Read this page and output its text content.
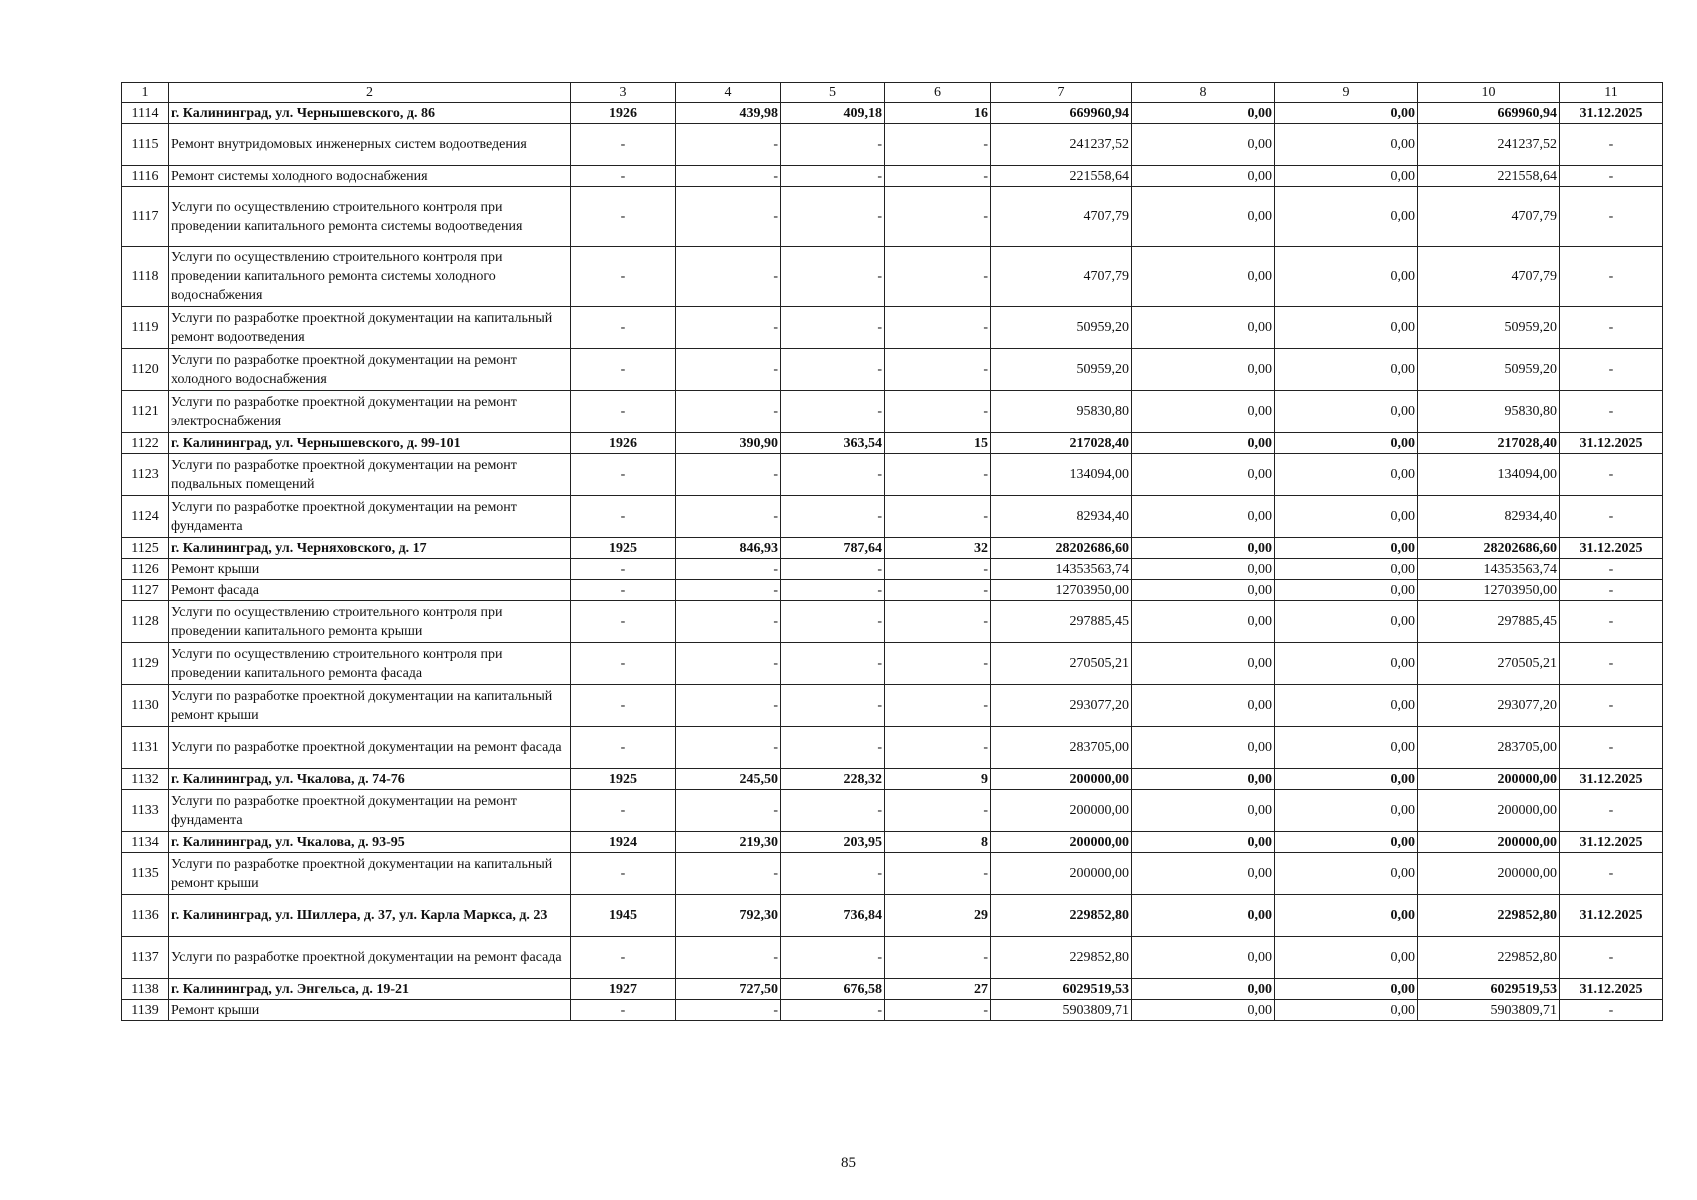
1	2	3	4	5	6	7	8	9	10	11
1114	г. Калининград, ул. Чернышевского, д. 86	1926	439,98	409,18	16	669960,94	0,00	0,00	669960,94	31.12.2025
1115	Ремонт внутридомовых инженерных систем водоотведения	-	-	-	-	241237,52	0,00	0,00	241237,52	-
1116	Ремонт системы холодного водоснабжения	-	-	-	-	221558,64	0,00	0,00	221558,64	-
1117	Услуги по осуществлению строительного контроля при проведении капитального ремонта системы водоотведения	-	-	-	-	4707,79	0,00	0,00	4707,79	-
1118	Услуги по осуществлению строительного контроля при проведении капитального ремонта системы холодного водоснабжения	-	-	-	-	4707,79	0,00	0,00	4707,79	-
1119	Услуги по разработке проектной документации на капитальный ремонт водоотведения	-	-	-	-	50959,20	0,00	0,00	50959,20	-
1120	Услуги по разработке проектной документации на ремонт холодного водоснабжения	-	-	-	-	50959,20	0,00	0,00	50959,20	-
1121	Услуги по разработке проектной документации на ремонт электроснабжения	-	-	-	-	95830,80	0,00	0,00	95830,80	-
1122	г. Калининград, ул. Чернышевского, д. 99-101	1926	390,90	363,54	15	217028,40	0,00	0,00	217028,40	31.12.2025
1123	Услуги по разработке проектной документации на ремонт подвальных помещений	-	-	-	-	134094,00	0,00	0,00	134094,00	-
1124	Услуги по разработке проектной документации на ремонт фундамента	-	-	-	-	82934,40	0,00	0,00	82934,40	-
1125	г. Калининград, ул. Черняховского, д. 17	1925	846,93	787,64	32	28202686,60	0,00	0,00	28202686,60	31.12.2025
1126	Ремонт крыши	-	-	-	-	14353563,74	0,00	0,00	14353563,74	-
1127	Ремонт фасада	-	-	-	-	12703950,00	0,00	0,00	12703950,00	-
1128	Услуги по осуществлению строительного контроля при проведении капитального ремонта крыши	-	-	-	-	297885,45	0,00	0,00	297885,45	-
1129	Услуги по осуществлению строительного контроля при проведении капитального ремонта фасада	-	-	-	-	270505,21	0,00	0,00	270505,21	-
1130	Услуги по разработке проектной документации на капитальный ремонт крыши	-	-	-	-	293077,20	0,00	0,00	293077,20	-
1131	Услуги по разработке проектной документации на ремонт фасада	-	-	-	-	283705,00	0,00	0,00	283705,00	-
1132	г. Калининград, ул. Чкалова, д. 74-76	1925	245,50	228,32	9	200000,00	0,00	0,00	200000,00	31.12.2025
1133	Услуги по разработке проектной документации на ремонт фундамента	-	-	-	-	200000,00	0,00	0,00	200000,00	-
1134	г. Калининград, ул. Чкалова, д. 93-95	1924	219,30	203,95	8	200000,00	0,00	0,00	200000,00	31.12.2025
1135	Услуги по разработке проектной документации на капитальный ремонт крыши	-	-	-	-	200000,00	0,00	0,00	200000,00	-
1136	г. Калининград, ул. Шиллера, д. 37, ул. Карла Маркса, д. 23	1945	792,30	736,84	29	229852,80	0,00	0,00	229852,80	31.12.2025
1137	Услуги по разработке проектной документации на ремонт фасада	-	-	-	-	229852,80	0,00	0,00	229852,80	-
1138	г. Калининград, ул. Энгельса, д. 19-21	1927	727,50	676,58	27	6029519,53	0,00	0,00	6029519,53	31.12.2025
1139	Ремонт крыши	-	-	-	-	5903809,71	0,00	0,00	5903809,71	-
85
